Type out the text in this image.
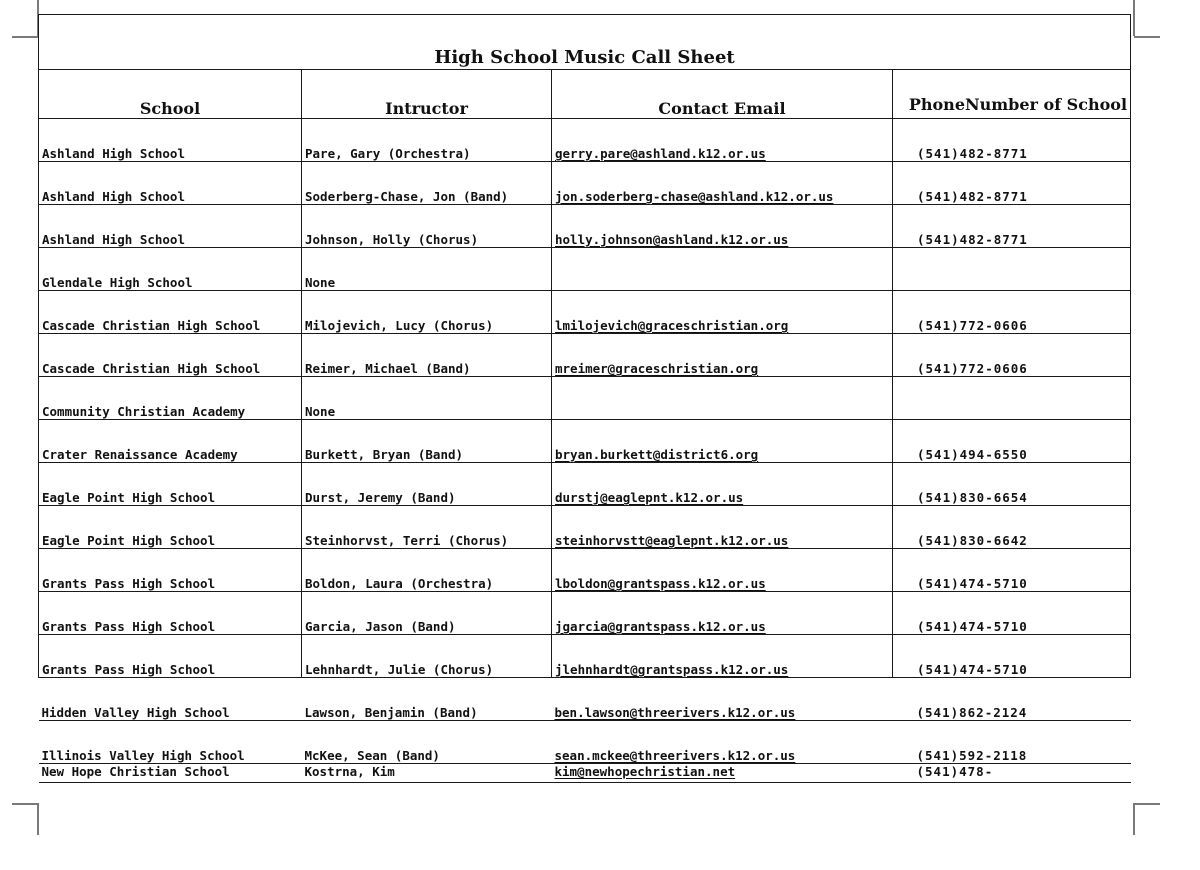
High School Music Call Sheet			
School	Intructor	Contact Email	PhoneNumber of School
Ashland High School	Pare, Gary (Orchestra)	gerry.pare@ashland.k12.or.us	(541)482-8771
Ashland High School	Soderberg-Chase, Jon (Band)	jon.soderberg-chase@ashland.k12.or.us	(541)482-8771
Ashland High School	Johnson, Holly (Chorus)	holly.johnson@ashland.k12.or.us	(541)482-8771
Glendale High School	None		
Cascade Christian High School	Milojevich, Lucy (Chorus)	lmilojevich@graceschristian.org	(541)772-0606
Cascade Christian High School	Reimer, Michael (Band)	mreimer@graceschristian.org	(541)772-0606
Community Christian Academy	None		
Crater Renaissance Academy	Burkett, Bryan (Band)	bryan.burkett@district6.org	(541)494-6550
Eagle Point High School	Durst, Jeremy (Band)	durstj@eaglepnt.k12.or.us	(541)830-6654
Eagle Point High School	Steinhorvst, Terri (Chorus)	steinhorvstt@eaglepnt.k12.or.us	(541)830-6642
Grants Pass High School	Boldon, Laura (Orchestra)	lboldon@grantspass.k12.or.us	(541)474-5710
Grants Pass High School	Garcia, Jason (Band)	jgarcia@grantspass.k12.or.us	(541)474-5710
Grants Pass High School	Lehnhardt, Julie (Chorus)	jlehnhardt@grantspass.k12.or.us	(541)474-5710
Hidden Valley High School	Lawson, Benjamin (Band)	ben.lawson@threerivers.k12.or.us	(541)862-2124
Illinois Valley High School	McKee, Sean (Band)	sean.mckee@threerivers.k12.or.us	(541)592-2118
New Hope Christian School	Kostrna, Kim	kim@newhopechristian.net	(541)478-
